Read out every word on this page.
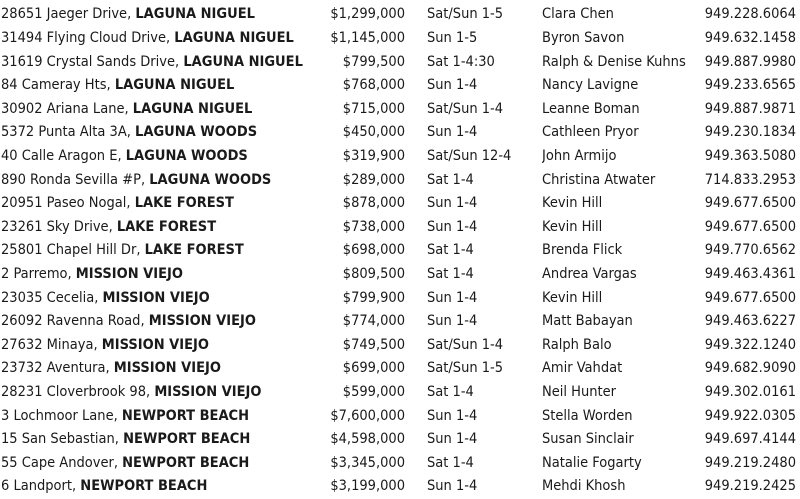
28651 Jaeger Drive, LAGUNA NIGUEL	$1,299,000 Sat/Sun 1-5	Clara Chen	949.228.6064
31494 Flying Cloud Drive, LAGUNA NIGUEL	$1,145,000 Sun 1-5	Byron Savon	949.632.1458
31619 Crystal Sands Drive, LAGUNA NIGUEL	$799,500 Sat 1-4:30	Ralph & Denise Kuhns	949.887.9980
84 Cameray Hts, LAGUNA NIGUEL	$768,000 Sun 1-4	Nancy Lavigne	949.233.6565
30902 Ariana Lane, LAGUNA NIGUEL	$715,000 Sat/Sun 1-4	Leanne Boman	949.887.9871
5372 Punta Alta 3A, LAGUNA WOODS	$450,000 Sun 1-4	Cathleen Pryor	949.230.1834
40 Calle Aragon E, LAGUNA WOODS	$319,900 Sat/Sun 12-4	John Armijo	949.363.5080
890 Ronda Sevilla #P, LAGUNA WOODS	$289,000 Sat 1-4	Christina Atwater	714.833.2953
20951 Paseo Nogal, LAKE FOREST	$878,000 Sun 1-4	Kevin Hill	949.677.6500
23261 Sky Drive, LAKE FOREST	$738,000 Sun 1-4	Kevin Hill	949.677.6500
25801 Chapel Hill Dr, LAKE FOREST	$698,000 Sat 1-4	Brenda Flick	949.770.6562
2 Parremo, MISSION VIEJO	$809,500 Sat 1-4	Andrea Vargas	949.463.4361
23035 Cecelia, MISSION VIEJO	$799,900 Sun 1-4	Kevin Hill	949.677.6500
26092 Ravenna Road, MISSION VIEJO	$774,000 Sun 1-4	Matt Babayan	949.463.6227
27632 Minaya, MISSION VIEJO	$749,500 Sat/Sun 1-4	Ralph Balo	949.322.1240
23732 Aventura, MISSION VIEJO	$699,000 Sat/Sun 1-5	Amir Vahdat	949.682.9090
28231 Cloverbrook 98, MISSION VIEJO	$599,000 Sat 1-4	Neil Hunter	949.302.0161
3 Lochmoor Lane, NEWPORT BEACH	$7,600,000 Sun 1-4	Stella Worden	949.922.0305
15 San Sebastian, NEWPORT BEACH	$4,598,000 Sun 1-4	Susan Sinclair	949.697.4144
55 Cape Andover, NEWPORT BEACH	$3,345,000 Sat 1-4	Natalie Fogarty	949.219.2480
6 Landport, NEWPORT BEACH	$3,199,000 Sun 1-4	Mehdi Khosh	949.219.2425
